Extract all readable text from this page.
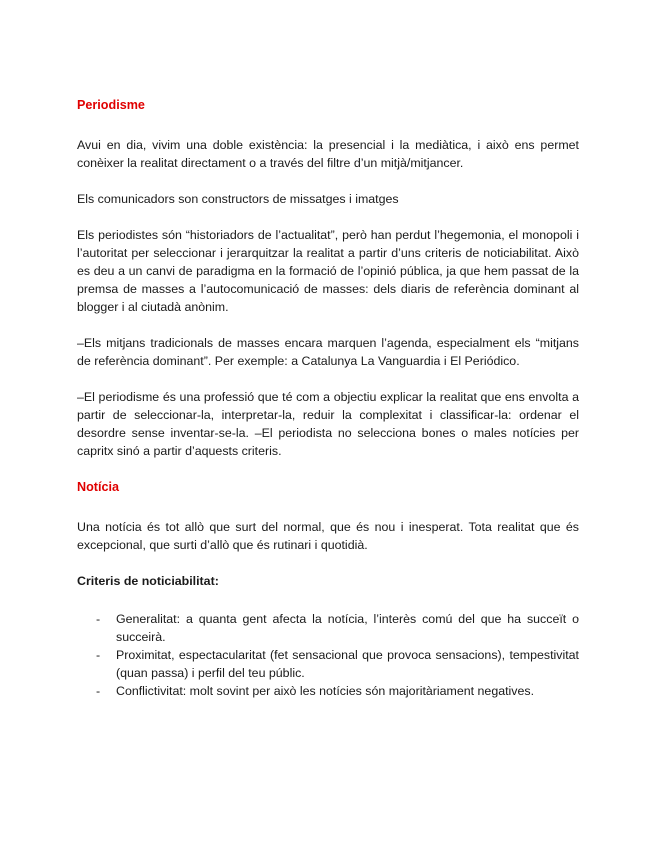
Periodisme

Avui en dia, vivim una doble existència: la presencial i la mediàtica, i això ens permet conèixer la realitat directament o a través del filtre d’un mitjà/mitjancer.

Els comunicadors son constructors de missatges i imatges

Els periodistes són “historiadors de l’actualitat”, però han perdut l’hegemonia, el monopoli i l’autoritat per seleccionar i jerarquitzar la realitat a partir d’uns criteris de noticiabilitat. Això es deu a un canvi de paradigma en la formació de l’opinió pública, ja que hem passat de la premsa de masses a l’autocomunicació de masses: dels diaris de referència dominant al blogger i al ciutadà anònim.

–Els mitjans tradicionals de masses encara marquen l’agenda, especialment els “mitjans de referència dominant”. Per exemple: a Catalunya La Vanguardia i El Periódico.

–El periodisme és una professió que té com a objectiu explicar la realitat que ens envolta a partir de seleccionar-la, interpretar-la, reduir la complexitat i classificar-la: ordenar el desordre sense inventar-se-la. –El periodista no selecciona bones o males notícies per capritx sinó a partir d’aquests criteris.

Notícia

Una notícia és tot allò que surt del normal, que és nou i inesperat. Tota realitat que és excepcional, que surti d’allò que és rutinari i quotidià.

Criteris de noticiabilitat:
- Generalitat: a quanta gent afecta la notícia, l’interès comú del que ha succeït o succeirà.
- Proximitat, espectacularitat (fet sensacional que provoca sensacions), tempestivitat (quan passa) i perfil del teu públic.
- Conflictivitat: molt sovint per això les notícies són majoritàriament negatives.
